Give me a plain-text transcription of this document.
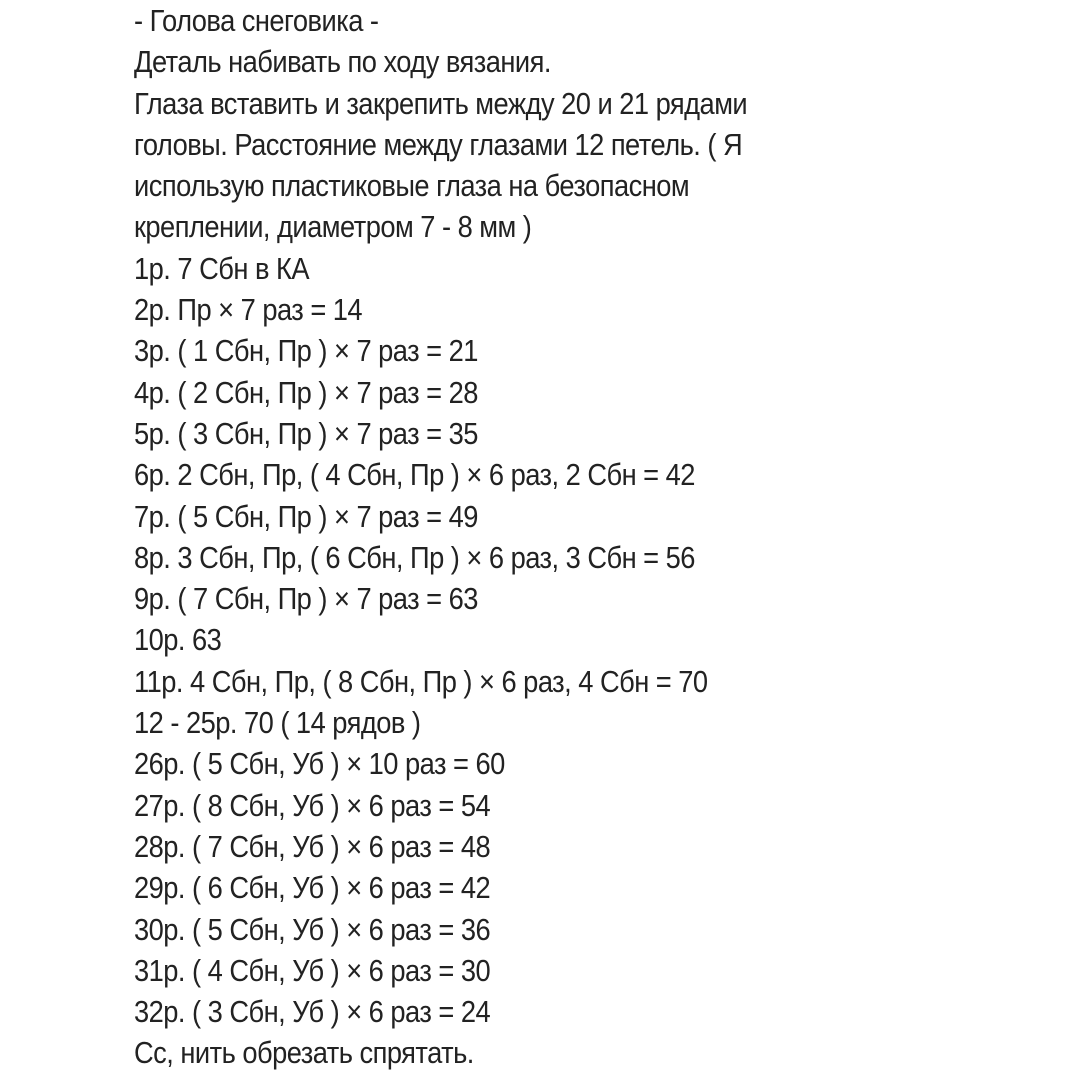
- Голова снеговика -
Деталь набивать по ходу вязания.
Глаза вставить и закрепить между 20 и 21 рядами
головы. Расстояние между глазами 12 петель. ( Я
использую пластиковые глаза на безопасном
креплении, диаметром 7 - 8 мм )
1р. 7 Сбн в КА
2р. Пр × 7 раз = 14
3р. ( 1 Сбн, Пр ) × 7 раз = 21
4р. ( 2 Сбн, Пр ) × 7 раз = 28
5р. ( 3 Сбн, Пр ) × 7 раз = 35
6р. 2 Сбн, Пр, ( 4 Сбн, Пр ) × 6 раз, 2 Сбн = 42
7р. ( 5 Сбн, Пр ) × 7 раз = 49
8р. 3 Сбн, Пр, ( 6 Сбн, Пр ) × 6 раз, 3 Сбн = 56
9р. ( 7 Сбн, Пр ) × 7 раз = 63
10р. 63
11р. 4 Сбн, Пр, ( 8 Сбн, Пр ) × 6 раз, 4 Сбн = 70
12 - 25р. 70 ( 14 рядов )
26р. ( 5 Сбн, Уб ) × 10 раз = 60
27р. ( 8 Сбн, Уб ) × 6 раз = 54
28р. ( 7 Сбн, Уб ) × 6 раз = 48
29р. ( 6 Сбн, Уб ) × 6 раз = 42
30р. ( 5 Сбн, Уб ) × 6 раз = 36
31р. ( 4 Сбн, Уб ) × 6 раз = 30
32р. ( 3 Сбн, Уб ) × 6 раз = 24
Сс, нить обрезать спрятать.
